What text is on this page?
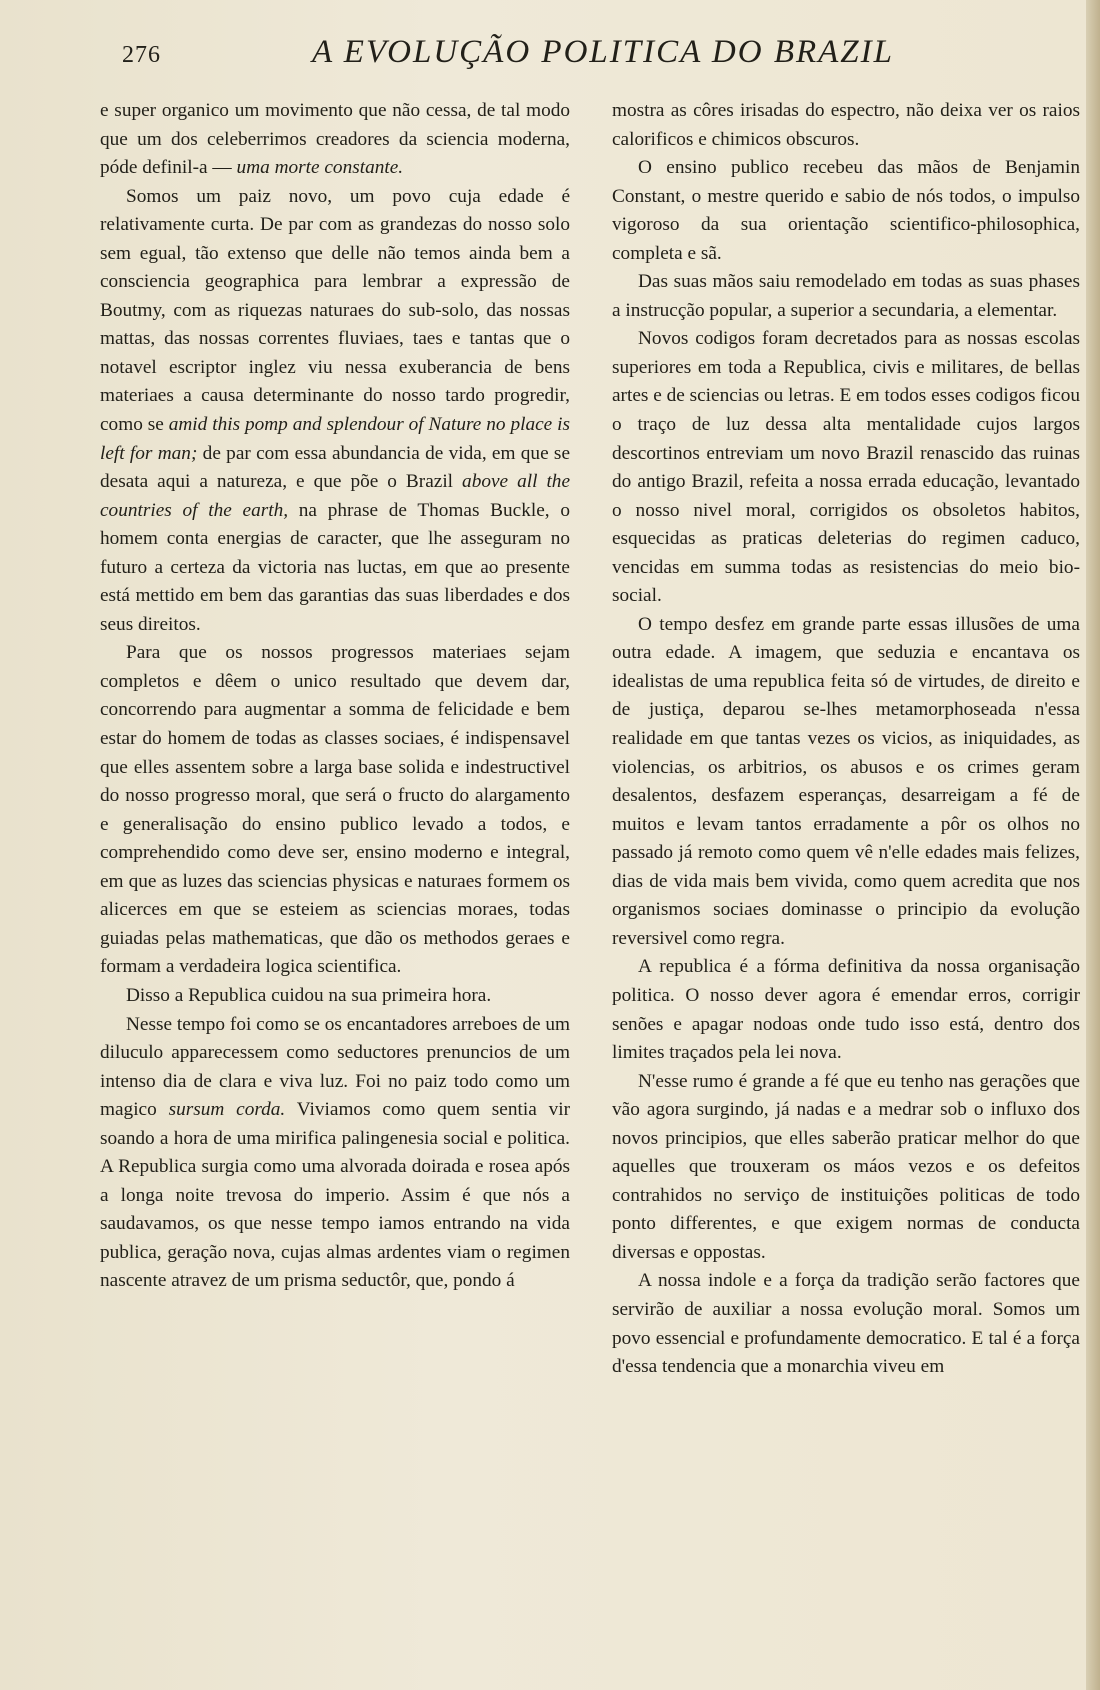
276	A EVOLUÇÃO POLITICA DO BRAZIL

e super organico um movimento que não cessa, de tal modo que um dos celeberrimos creadores da sciencia moderna, póde definil-a — uma morte constante.

Somos um paiz novo, um povo cuja edade é relativamente curta. De par com as grandezas do nosso solo sem egual, tão extenso que delle não temos ainda bem a consciencia geographica para lembrar a expressão de Boutmy, com as riquezas naturaes do sub-solo, das nossas mattas, das nossas correntes fluviaes, taes e tantas que o notavel escriptor inglez viu nessa exuberancia de bens materiaes a causa determinante do nosso tardo progredir, como se amid this pomp and splendour of Nature no place is left for man; de par com essa abundancia de vida, em que se desata aqui a natureza, e que põe o Brazil above all the countries of the earth, na phrase de Thomas Buckle, o homem conta energias de caracter, que lhe asseguram no futuro a certeza da victoria nas luctas, em que ao presente está mettido em bem das garantias das suas liberdades e dos seus direitos.

Para que os nossos progressos materiaes sejam completos e dêem o unico resultado que devem dar, concorrendo para augmentar a somma de felicidade e bem estar do homem de todas as classes sociaes, é indispensavel que elles assentem sobre a larga base solida e indestructivel do nosso progresso moral, que será o fructo do alargamento e generalisação do ensino publico levado a todos, e comprehendido como deve ser, ensino moderno e integral, em que as luzes das sciencias physicas e naturaes formem os alicerces em que se esteiem as sciencias moraes, todas guiadas pelas mathematicas, que dão os methodos geraes e formam a verdadeira logica scientifica.

Disso a Republica cuidou na sua primeira hora.

Nesse tempo foi como se os encantadores arreboes de um diluculo apparecessem como seductores prenuncios de um intenso dia de clara e viva luz. Foi no paiz todo como um magico sursum corda. Viviamos como quem sentia vir soando a hora de uma mirifica palingenesia social e politica. A Republica surgia como uma alvorada doirada e rosea após a longa noite trevosa do imperio. Assim é que nós a saudavamos, os que nesse tempo iamos entrando na vida publica, geração nova, cujas almas ardentes viam o regimen nascente atravez de um prisma seductôr, que, pondo á

mostra as côres irisadas do espectro, não deixa ver os raios calorificos e chimicos obscuros.

O ensino publico recebeu das mãos de Benjamin Constant, o mestre querido e sabio de nós todos, o impulso vigoroso da sua orientação scientifico-philosophica, completa e sã.

Das suas mãos saiu remodelado em todas as suas phases a instrucção popular, a superior a secundaria, a elementar.

Novos codigos foram decretados para as nossas escolas superiores em toda a Republica, civis e militares, de bellas artes e de sciencias ou letras. E em todos esses codigos ficou o traço de luz dessa alta mentalidade cujos largos descortinos entreviam um novo Brazil renascido das ruinas do antigo Brazil, refeita a nossa errada educação, levantado o nosso nivel moral, corrigidos os obsoletos habitos, esquecidas as praticas deleterias do regimen caduco, vencidas em summa todas as resistencias do meio bio-social.

O tempo desfez em grande parte essas illusões de uma outra edade. A imagem, que seduzia e encantava os idealistas de uma republica feita só de virtudes, de direito e de justiça, deparou se-lhes metamorphoseada n'essa realidade em que tantas vezes os vicios, as iniquidades, as violencias, os arbitrios, os abusos e os crimes geram desalentos, desfazem esperanças, desarreigam a fé de muitos e levam tantos erradamente a pôr os olhos no passado já remoto como quem vê n'elle edades mais felizes, dias de vida mais bem vivida, como quem acredita que nos organismos sociaes dominasse o principio da evolução reversivel como regra.

A republica é a fórma definitiva da nossa organisação politica. O nosso dever agora é emendar erros, corrigir senões e apagar nodoas onde tudo isso está, dentro dos limites traçados pela lei nova.

N'esse rumo é grande a fé que eu tenho nas gerações que vão agora surgindo, já nadas e a medrar sob o influxo dos novos principios, que elles saberão praticar melhor do que aquelles que trouxeram os máos vezos e os defeitos contrahidos no serviço de instituições politicas de todo ponto differentes, e que exigem normas de conducta diversas e oppostas.

A nossa indole e a força da tradição serão factores que servirão de auxiliar a nossa evolução moral. Somos um povo essencial e profundamente democratico. E tal é a força d'essa tendencia que a monarchia viveu em
